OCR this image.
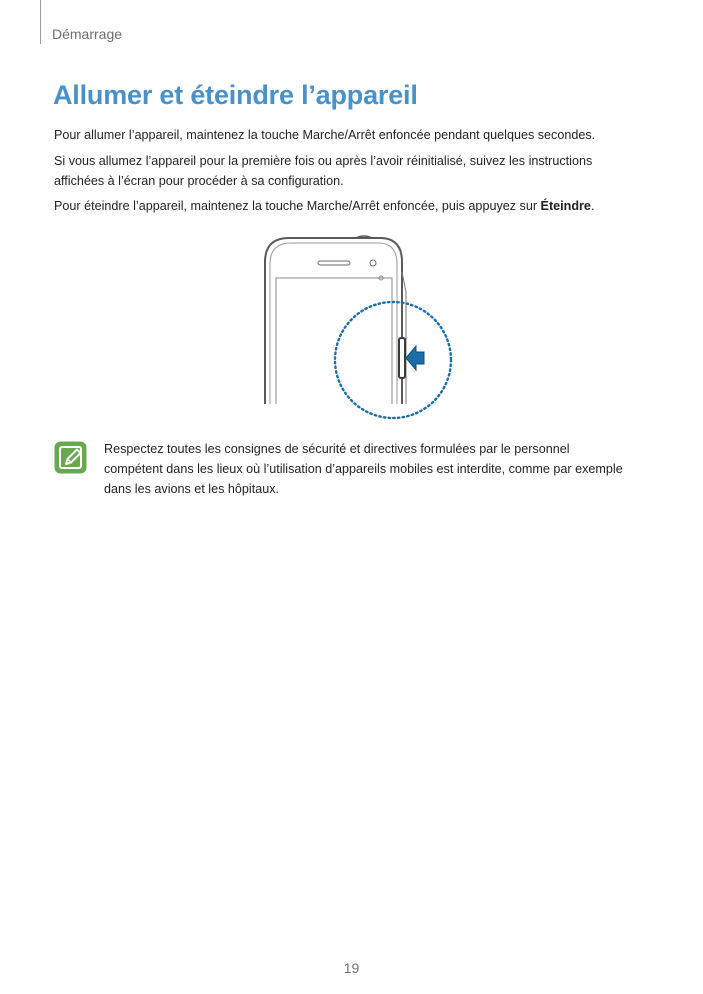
Démarrage
Allumer et éteindre l’appareil

Pour allumer l’appareil, maintenez la touche Marche/Arrêt enfoncée pendant quelques secondes.

Si vous allumez l’appareil pour la première fois ou après l’avoir réinitialisé, suivez les instructions affichées à l’écran pour procéder à sa configuration.

Pour éteindre l’appareil, maintenez la touche Marche/Arrêt enfoncée, puis appuyez sur Éteindre.

Respectez toutes les consignes de sécurité et directives formulées par le personnel compétent dans les lieux où l’utilisation d’appareils mobiles est interdite, comme par exemple dans les avions et les hôpitaux.

19
